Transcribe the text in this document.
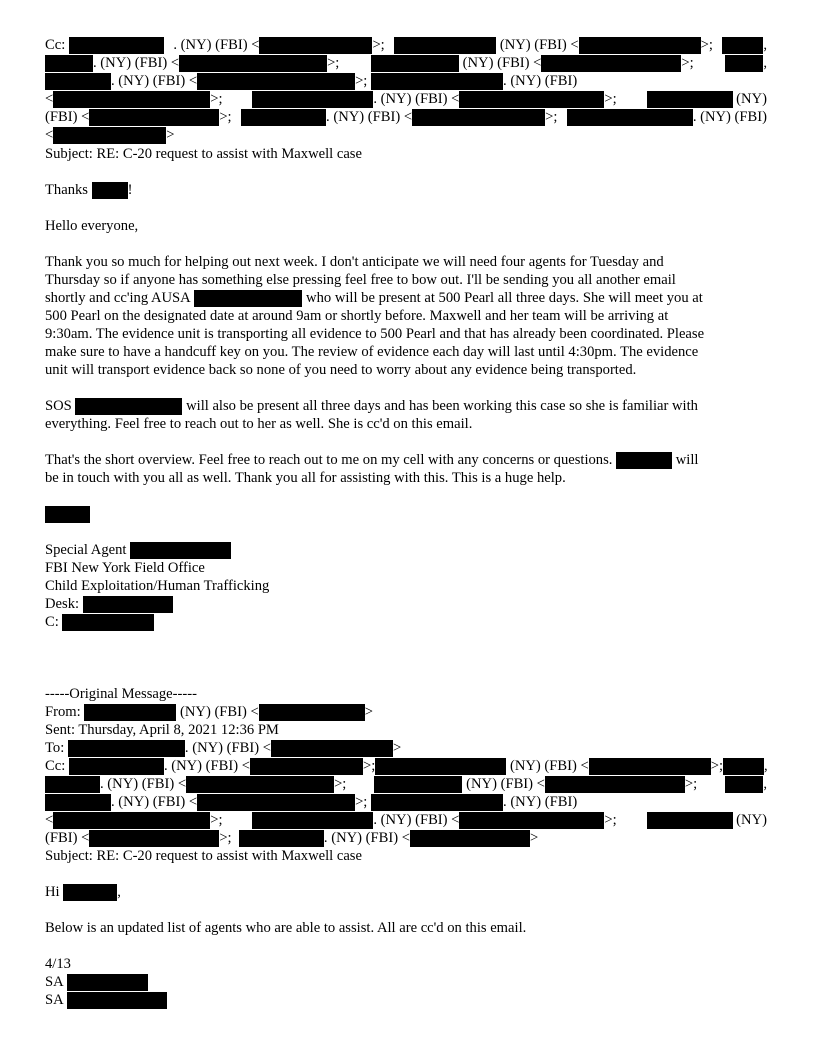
Cc:
	. (NY) (FBI) <	>;
	(NY) (FBI) <	>;	,
. (NY) (FBI) <	>;
	(NY) (FBI) <	>;	,
. (NY) (FBI) <	>;	. (NY) (FBI)
<	>;	. (NY) (FBI) <	>;
	(NY)
(FBI) <	>;	. (NY) (FBI) <	>;	. (NY) (FBI)
<	>
Subject: RE: C-20 request to assist with Maxwell case
Thanks	!
Hello everyone,
Thank you so much for helping out next week. I don't anticipate we will need four agents for Tuesday and
Thursday so if anyone has something else pressing feel free to bow out. I'll be sending you all another email
shortly and cc'ing AUSA	who will be present at 500 Pearl all three days. She will meet you at
500 Pearl on the designated date at around 9am or shortly before. Maxwell and her team will be arriving at
9:30am. The evidence unit is transporting all evidence to 500 Pearl and that has already been coordinated. Please
make sure to have a handcuff key on you. The review of evidence each day will last until 4:30pm. The evidence
unit will transport evidence back so none of you need to worry about any evidence being transported.
SOS	will also be present all three days and has been working this case so she is familiar with
everything. Feel free to reach out to her as well. She is cc'd on this email.
That's the short overview. Feel free to reach out to me on my cell with any concerns or questions.	will
be in touch with you all as well. Thank you all for assisting with this. This is a huge help.
Special Agent
FBI New York Field Office
Child Exploitation/Human Trafficking
Desk:
C:
-----Original Message-----
From:	(NY) (FBI) <	>
Sent: Thursday, April 8, 2021 12:36 PM
To:	. (NY) (FBI) <	>
Cc:
	. (NY) (FBI) <	>;
	(NY) (FBI) <	>;	,
. (NY) (FBI) <	>;
	(NY) (FBI) <	>;	,
. (NY) (FBI) <	>;	. (NY) (FBI)
<	>;	. (NY) (FBI) <	>;
	(NY)
(FBI) <	>;	. (NY) (FBI) <	>
Subject: RE: C-20 request to assist with Maxwell case
Hi	,
Below is an updated list of agents who are able to assist. All are cc'd on this email.
4/13
SA
SA
